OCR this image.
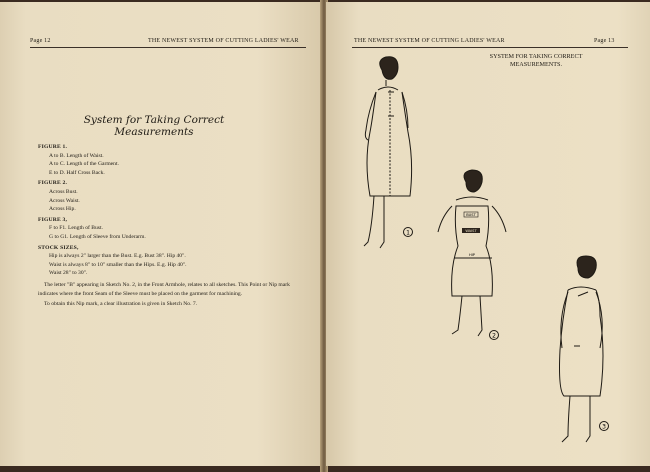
Page 12	THE NEWEST SYSTEM OF CUTTING LADIES' WEAR
System for Taking Correct
Measurements
FIGURE 1.
A to B. Length of Waist.
A to C. Length of the Garment.
E to D. Half Cross Back.
FIGURE 2.
Across Bust.
Across Waist.
Across Hip.
FIGURE 3,
F to F1. Length of Bust.
G to G1. Length of Sleeve from Underarm.
STOCK SIZES,
Hip is always 2" larger than the Bust. E.g. Bust 38". Hip 40".
Waist is always 8" to 10" smaller than the Hips. E.g. Hip 40".
Waist 28" to 30".
The letter "B" appearing in Sketch No. 2, in the Front Armhole, relates to all sketches. This Point or Nip mark indicates where the front Seam of the Sleeve must be placed on the garment for machining.
To obtain this Nip mark, a clear illustration is given in Sketch No. 7.
THE NEWEST SYSTEM OF CUTTING LADIES' WEAR	Page 13
SYSTEM FOR TAKING CORRECT
MEASUREMENTS.
1
BUST
WAIST
HIP
2
3
